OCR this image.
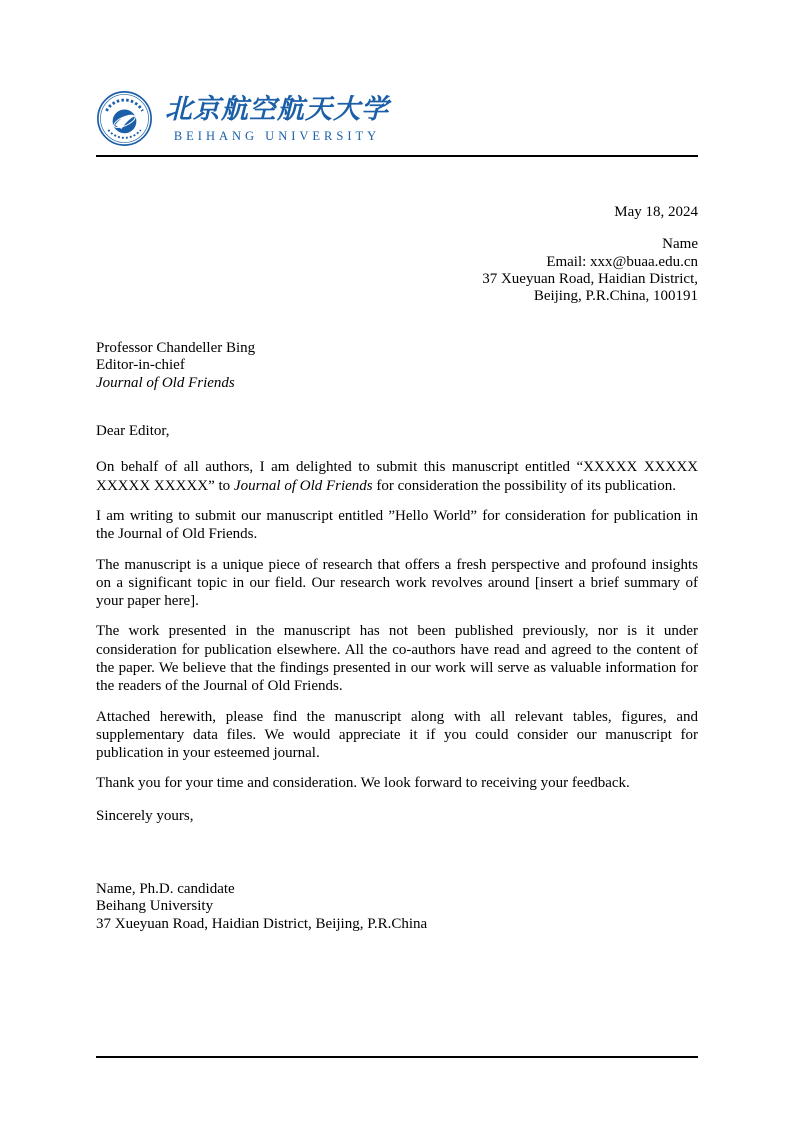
北京航空航天大学
BEIHANG UNIVERSITY
May 18, 2024
Name
Email: xxx@buaa.edu.cn
37 Xueyuan Road, Haidian District,
Beijing, P.R.China, 100191
Professor Chandeller Bing
Editor-in-chief
Journal of Old Friends
Dear Editor,

On behalf of all authors, I am delighted to submit this manuscript entitled “XXXXX XXXXX XXXXX XXXXX” to Journal of Old Friends for consideration the possibility of its publication.

I am writing to submit our manuscript entitled ”Hello World” for consideration for publication in the Journal of Old Friends.

The manuscript is a unique piece of research that offers a fresh perspective and profound insights on a significant topic in our field. Our research work revolves around [insert a brief summary of your paper here].

The work presented in the manuscript has not been published previously, nor is it under consideration for publication elsewhere. All the co-authors have read and agreed to the content of the paper. We believe that the findings presented in our work will serve as valuable information for the readers of the Journal of Old Friends.

Attached herewith, please find the manuscript along with all relevant tables, figures, and supplementary data files. We would appreciate it if you could consider our manuscript for publication in your esteemed journal.

Thank you for your time and consideration. We look forward to receiving your feedback.

Sincerely yours,
Name, Ph.D. candidate
Beihang University
37 Xueyuan Road, Haidian District, Beijing, P.R.China
